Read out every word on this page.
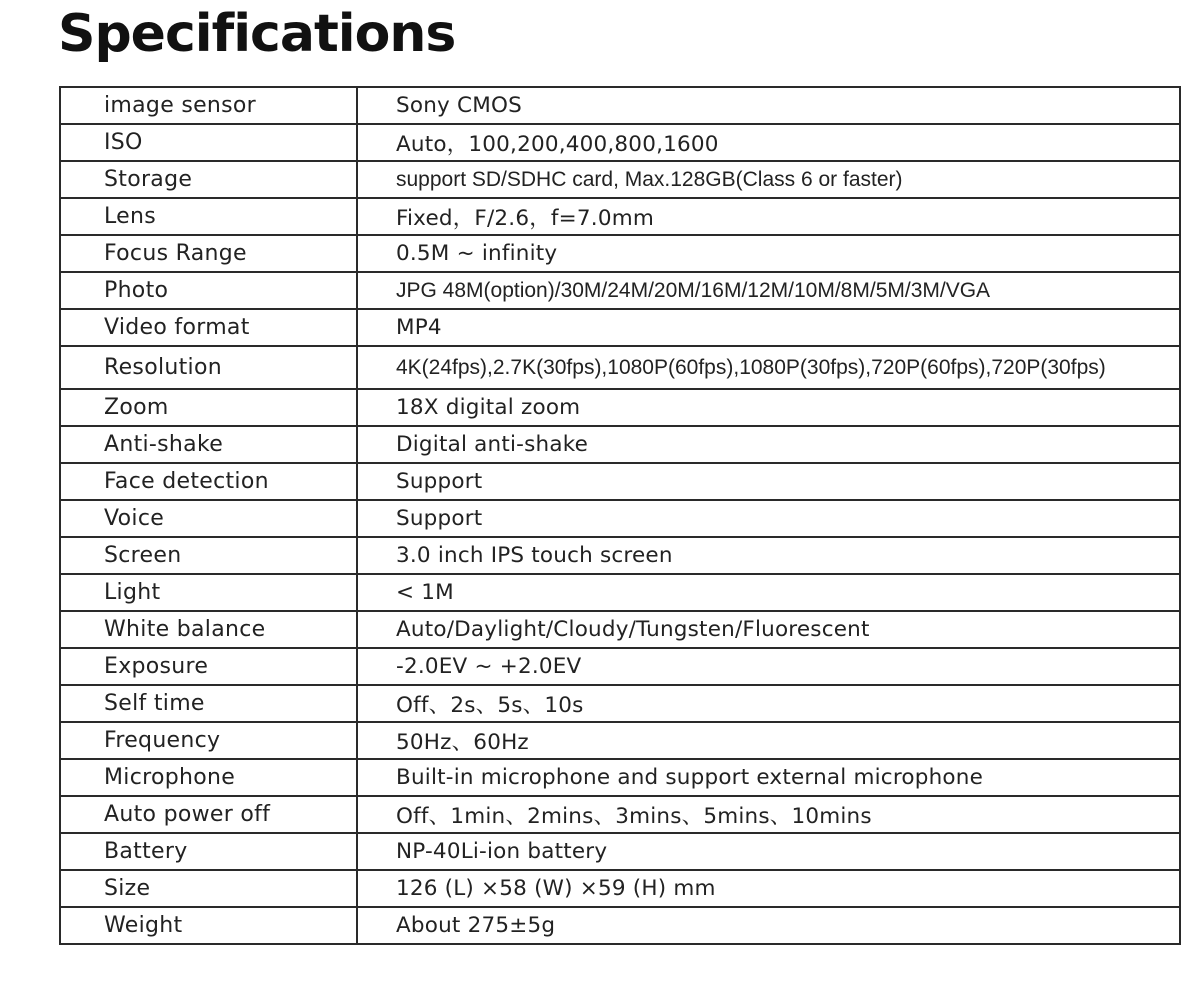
Specifications
image sensor	Sony CMOS
ISO	Auto，100,200,400,800,1600
Storage	support SD/SDHC card, Max.128GB(Class 6 or faster)
Lens	Fixed，F/2.6，f=7.0mm
Focus Range	0.5M ~ infinity
Photo	JPG 48M(option)/30M/24M/20M/16M/12M/10M/8M/5M/3M/VGA
Video format	MP4
Resolution	4K(24fps),2.7K(30fps),1080P(60fps),1080P(30fps),720P(60fps),720P(30fps)
Zoom	18X digital zoom
Anti-shake	Digital anti-shake
Face detection	Support
Voice	Support
Screen	3.0 inch IPS touch screen
Light	< 1M
White balance	Auto/Daylight/Cloudy/Tungsten/Fluorescent
Exposure	-2.0EV ~ +2.0EV
Self time	Off、2s、5s、10s
Frequency	50Hz、60Hz
Microphone	Built-in microphone and support external microphone
Auto power off	Off、1min、2mins、3mins、5mins、10mins
Battery	NP-40Li-ion battery
Size	126 (L) ×58 (W) ×59 (H) mm
Weight	About 275±5g
